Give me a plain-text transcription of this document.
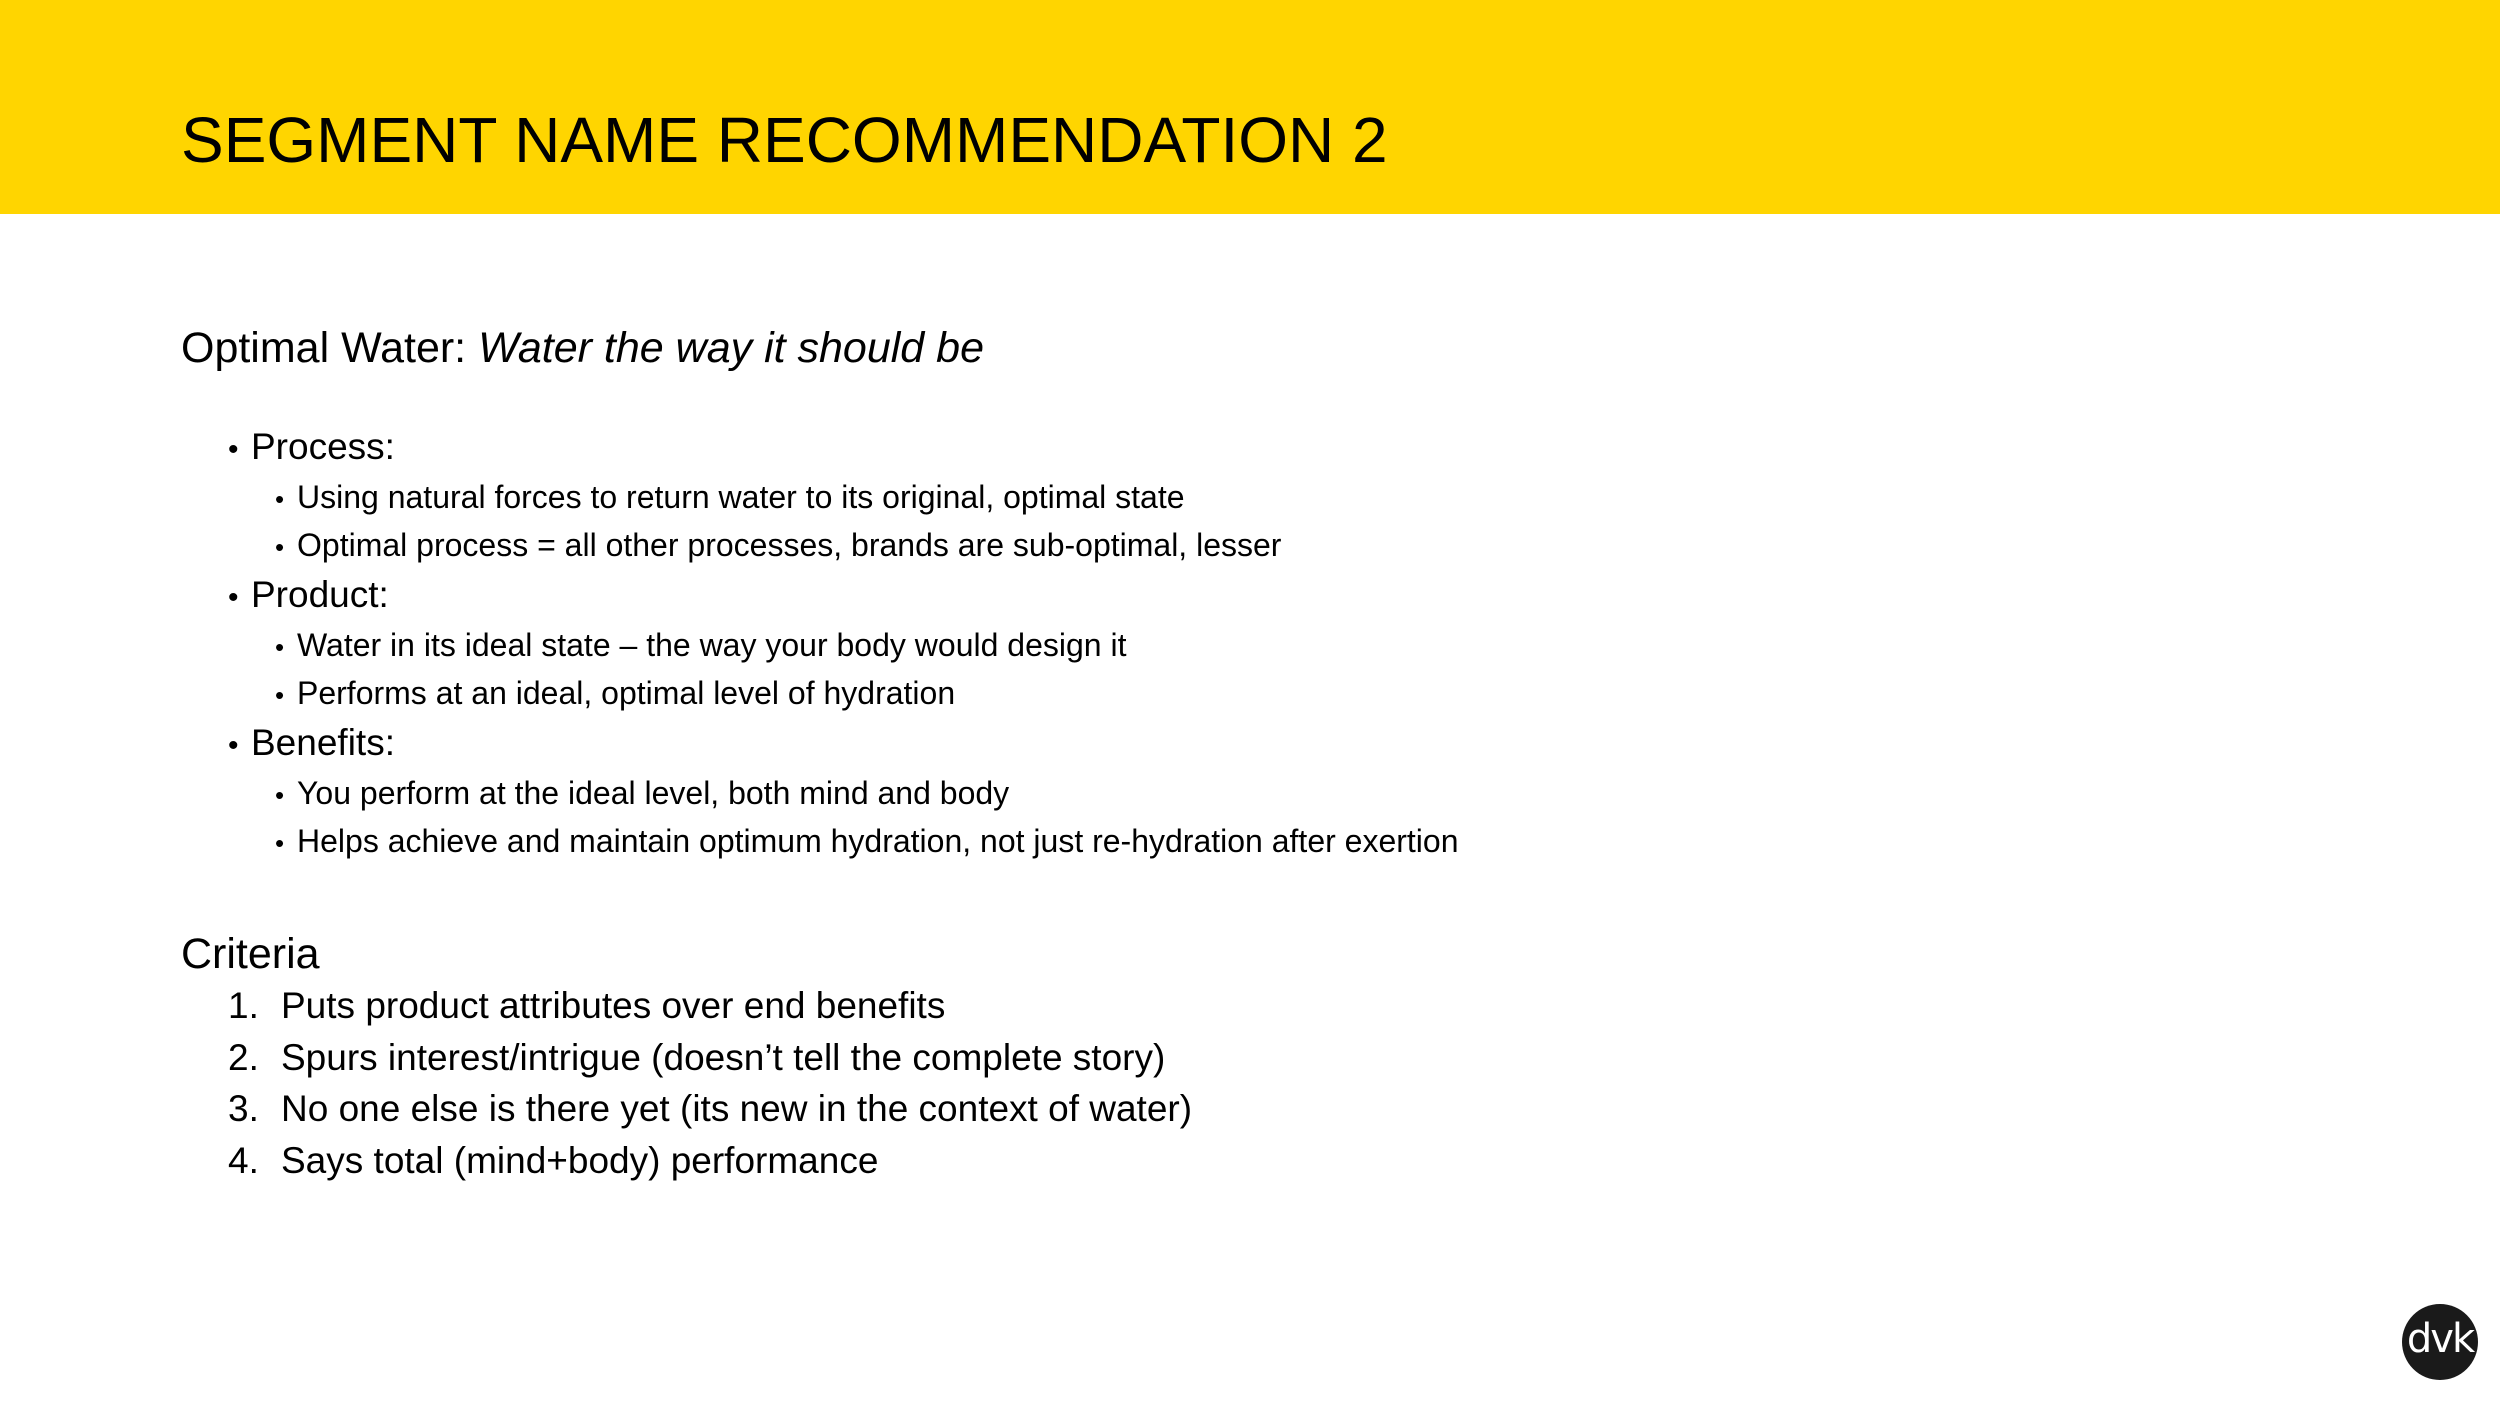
SEGMENT NAME RECOMMENDATION 2
Optimal Water: Water the way it should be
• Process:
• Using natural forces to return water to its original, optimal state
• Optimal process = all other processes, brands are sub-optimal, lesser
• Product:
• Water in its ideal state – the way your body would design it
• Performs at an ideal, optimal level of hydration
• Benefits:
• You perform at the ideal level, both mind and body
• Helps achieve and maintain optimum hydration, not just re-hydration after exertion
Criteria
1. Puts product attributes over end benefits
2. Spurs interest/intrigue (doesn’t tell the complete story)
3. No one else is there yet (its new in the context of water)
4. Says total (mind+body) performance
dvk
